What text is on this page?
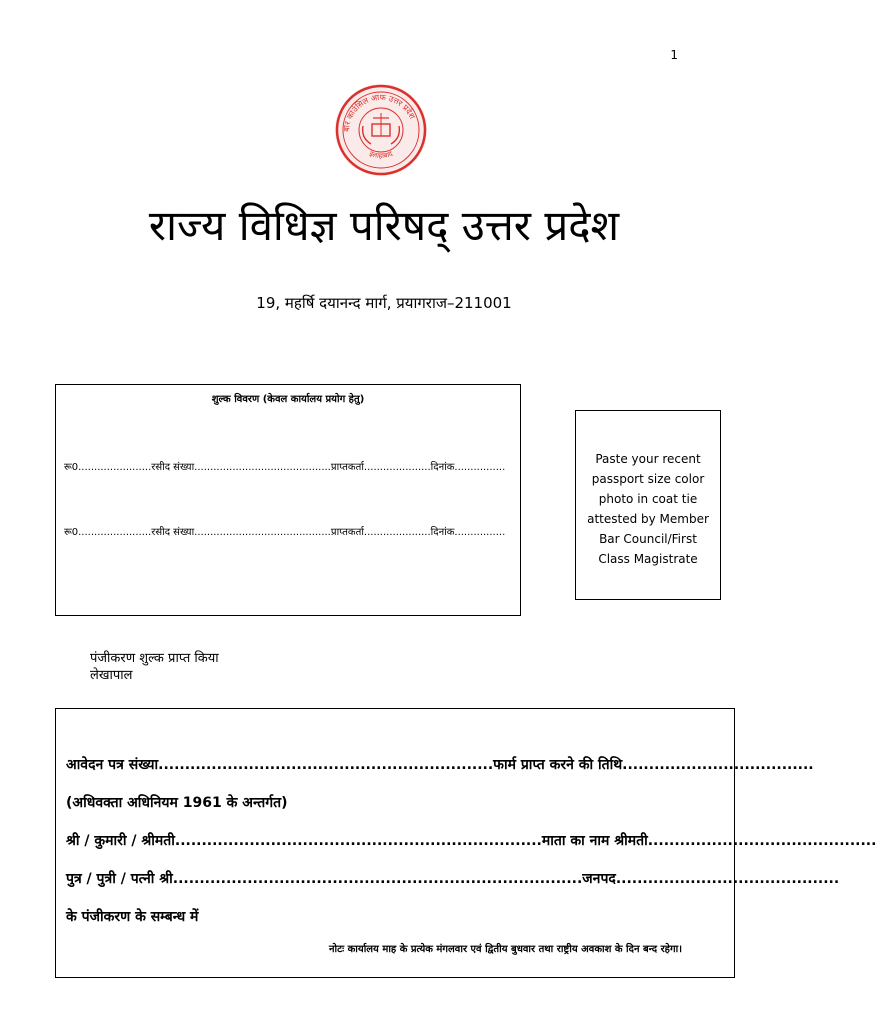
1
बार काउंसिल आफ उत्तर प्रदेश
इलाहाबाद
राज्य विधिज्ञ परिषद् उत्तर प्रदेश
19, महर्षि दयानन्द मार्ग, प्रयागराज–211001
शुल्क विवरण (केवल कार्यालय प्रयोग हेतु)
रू0.......................रसीद संख्या...........................................प्राप्तकर्ता.....................दिनांक................
रू0.......................रसीद संख्या...........................................प्राप्तकर्ता.....................दिनांक................
Paste your recent passport size color photo in coat tie attested by Member Bar Council/First Class Magistrate
पंजीकरण शुल्क प्राप्त किया
लेखापाल
आवेदन पत्र संख्या...............................................................फार्म प्राप्त करने की तिथि....................................
(अधिवक्ता अधिनियम 1961 के अन्तर्गत)
श्री / कुमारी / श्रीमती.....................................................................माता का नाम श्रीमती...........................................
पुत्र / पुत्री / पत्नी श्री.............................................................................जनपद..........................................
के पंजीकरण के सम्बन्ध में
नोटः कार्यालय माह के प्रत्येक मंगलवार एवं द्वितीय बुधवार तथा राष्ट्रीय अवकाश के दिन बन्द रहेगा।
